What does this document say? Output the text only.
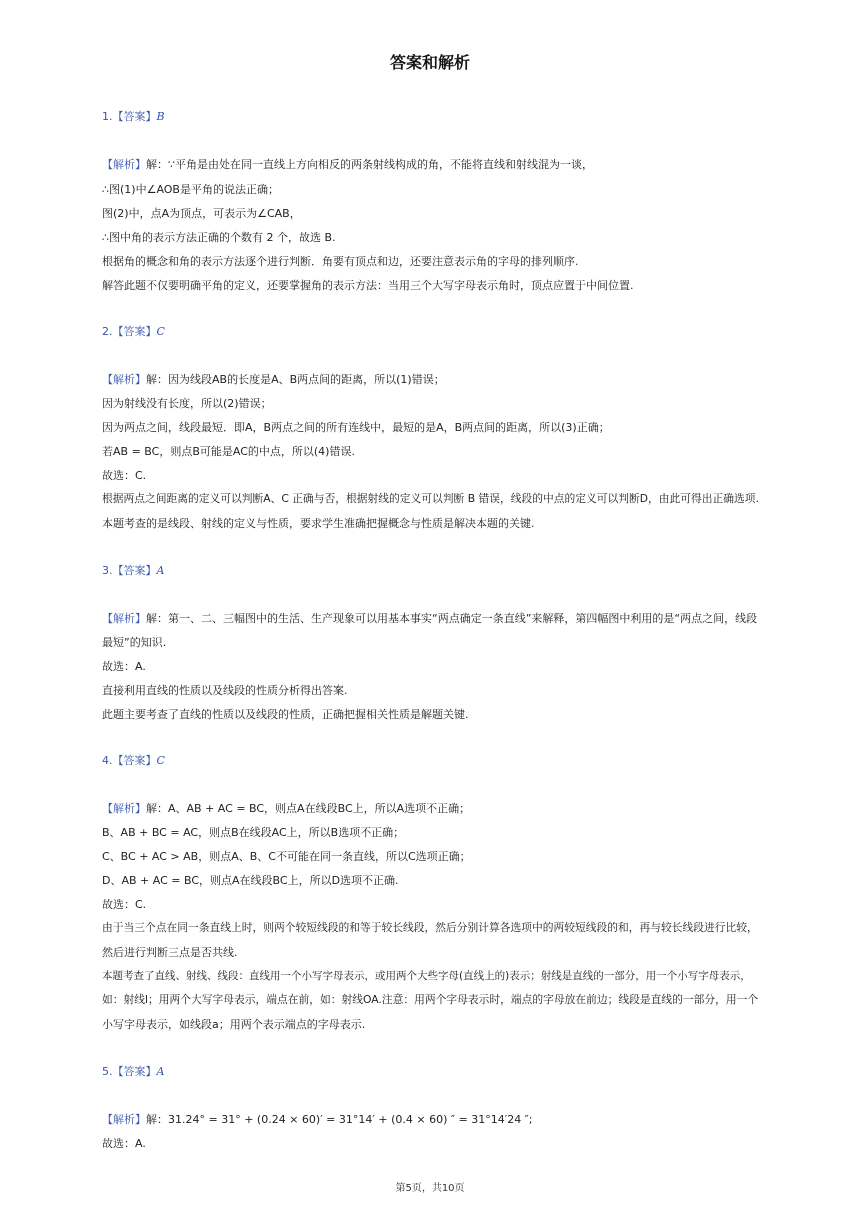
答案和解析
1.【答案】B
【解析】解：∵平角是由处在同一直线上方向相反的两条射线构成的角，不能将直线和射线混为一谈，
∴图(1)中∠AOB是平角的说法正确；
图(2)中，点A为顶点，可表示为∠CAB，
∴图中角的表示方法正确的个数有 2 个，故选 B.
根据角的概念和角的表示方法逐个进行判断．角要有顶点和边，还要注意表示角的字母的排列顺序.
解答此题不仅要明确平角的定义，还要掌握角的表示方法：当用三个大写字母表示角时，顶点应置于中间位置.
2.【答案】C
【解析】解：因为线段AB的长度是A、B两点间的距离，所以(1)错误；
因为射线没有长度，所以(2)错误；
因为两点之间，线段最短．即A，B两点之间的所有连线中，最短的是A，B两点间的距离，所以(3)正确；
若AB = BC，则点B可能是AC的中点，所以(4)错误.
故选：C.
根据两点之间距离的定义可以判断A、C 正确与否，根据射线的定义可以判断 B 错误，线段的中点的定义可以判断D，由此可得出正确选项.
本题考查的是线段、射线的定义与性质，要求学生准确把握概念与性质是解决本题的关键.
3.【答案】A
【解析】解：第一、二、三幅图中的生活、生产现象可以用基本事实“两点确定一条直线”来解释，第四幅图中利用的是“两点之间，线段
最短”的知识.
故选：A.
直接利用直线的性质以及线段的性质分析得出答案.
此题主要考查了直线的性质以及线段的性质，正确把握相关性质是解题关键.
4.【答案】C
【解析】解：A、AB + AC = BC，则点A在线段BC上，所以A选项不正确；
B、AB + BC = AC，则点B在线段AC上，所以B选项不正确；
C、BC + AC > AB，则点A、B、C不可能在同一条直线，所以C选项正确；
D、AB + AC = BC，则点A在线段BC上，所以D选项不正确.
故选：C.
由于当三个点在同一条直线上时，则两个较短线段的和等于较长线段，然后分别计算各选项中的两较短线段的和，再与较长线段进行比较，
然后进行判断三点是否共线.
本题考查了直线、射线、线段：直线用一个小写字母表示，或用两个大些字母(直线上的)表示；射线是直线的一部分，用一个小写字母表示，
如：射线l；用两个大写字母表示，端点在前，如：射线OA.注意：用两个字母表示时，端点的字母放在前边；线段是直线的一部分，用一个
小写字母表示，如线段a；用两个表示端点的字母表示.
5.【答案】A
【解析】解：31.24° = 31° + (0.24 × 60)′ = 31°14′ + (0.4 × 60) ″ = 31°14′24 ″;
故选：A.
第5页，共10页
